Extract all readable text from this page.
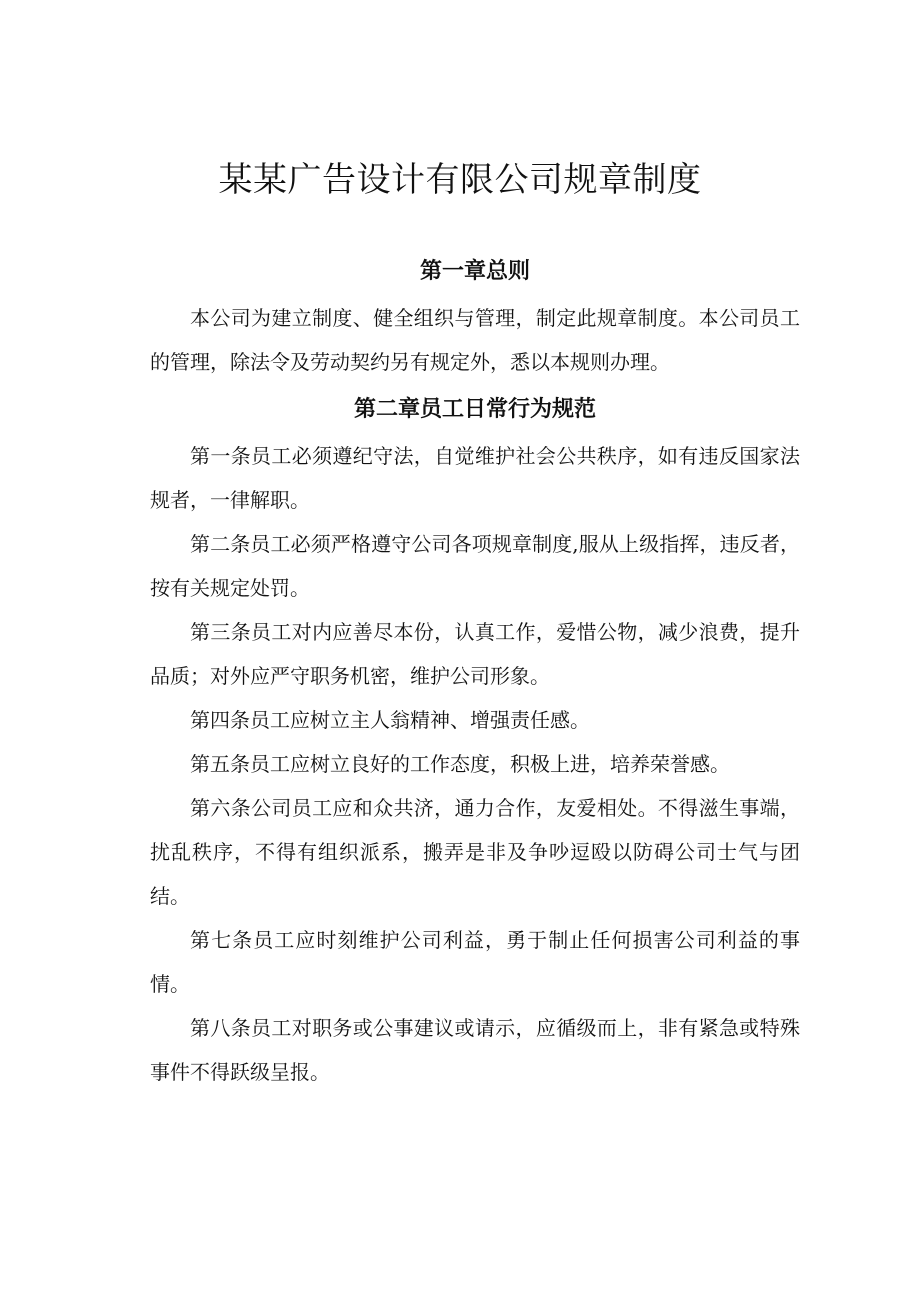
某某广告设计有限公司规章制度
第一章总则

本公司为建立制度、健全组织与管理，制定此规章制度。本公司员工的管理，除法令及劳动契约另有规定外，悉以本规则办理。

第二章员工日常行为规范

第一条员工必须遵纪守法，自觉维护社会公共秩序，如有违反国家法规者，一律解职。

第二条员工必须严格遵守公司各项规章制度,服从上级指挥，违反者，按有关规定处罚。

第三条员工对内应善尽本份，认真工作，爱惜公物，减少浪费，提升品质；对外应严守职务机密，维护公司形象。

第四条员工应树立主人翁精神、增强责任感。

第五条员工应树立良好的工作态度，积极上进，培养荣誉感。

第六条公司员工应和众共济，通力合作，友爱相处。不得滋生事端，扰乱秩序，不得有组织派系，搬弄是非及争吵逗殴以防碍公司士气与团结。

第七条员工应时刻维护公司利益，勇于制止任何损害公司利益的事情。

第八条员工对职务或公事建议或请示，应循级而上，非有紧急或特殊事件不得跃级呈报。
